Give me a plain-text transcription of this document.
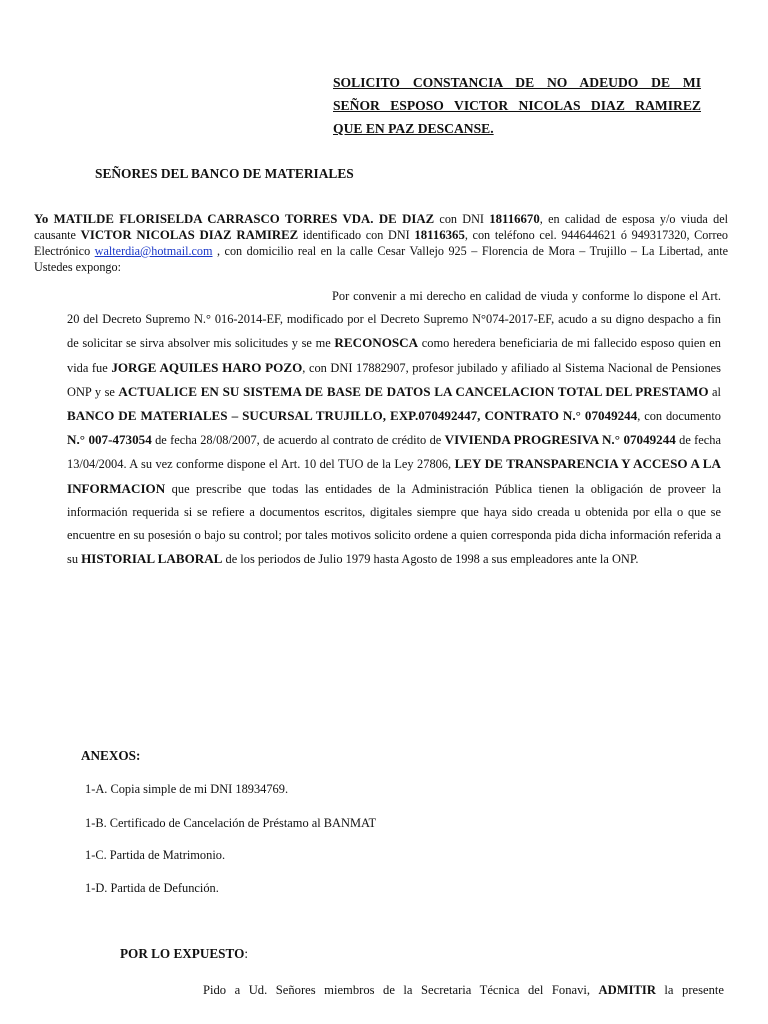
SOLICITO CONSTANCIA DE NO ADEUDO DE MI
SEÑOR ESPOSO VICTOR NICOLAS DIAZ RAMIREZ
QUE EN PAZ DESCANSE.
SEÑORES DEL BANCO DE MATERIALES
Yo MATILDE FLORISELDA CARRASCO TORRES VDA. DE DIAZ con DNI 18116670, en calidad de esposa y/o viuda del causante VICTOR NICOLAS DIAZ RAMIREZ identificado con DNI 18116365, con teléfono cel. 944644621 ó 949317320, Correo Electrónico walterdia@hotmail.com , con domicilio real en la calle Cesar Vallejo 925 – Florencia de Mora – Trujillo – La Libertad, ante Ustedes expongo:
Por convenir a mi derecho en calidad de viuda y conforme lo dispone el Art. 20 del Decreto Supremo N.° 016-2014-EF, modificado por el Decreto Supremo N°074-2017-EF, acudo a su digno despacho a fin de solicitar se sirva absolver mis solicitudes y se me RECONOSCA como heredera beneficiaria de mi fallecido esposo quien en vida fue JORGE AQUILES HARO POZO, con DNI 17882907, profesor jubilado y afiliado al Sistema Nacional de Pensiones ONP y se ACTUALICE EN SU SISTEMA DE BASE DE DATOS LA CANCELACION TOTAL DEL PRESTAMO al BANCO DE MATERIALES – SUCURSAL TRUJILLO, EXP.070492447, CONTRATO N.° 07049244, con documento N.° 007-473054 de fecha 28/08/2007, de acuerdo al contrato de crédito de VIVIENDA PROGRESIVA N.° 07049244 de fecha 13/04/2004. A su vez conforme dispone el Art. 10 del TUO de la Ley 27806, LEY DE TRANSPARENCIA Y ACCESO A LA INFORMACION que prescribe que todas las entidades de la Administración Pública tienen la obligación de proveer la información requerida si se refiere a documentos escritos, digitales siempre que haya sido creada u obtenida por ella o que se encuentre en su posesión o bajo su control; por tales motivos solicito ordene a quien corresponda pida dicha información referida a su HISTORIAL LABORAL de los periodos de Julio 1979 hasta Agosto de 1998 a sus empleadores ante la ONP.
ANEXOS:
1-A. Copia simple de mi DNI 18934769.
1-B. Certificado de Cancelación de Préstamo al BANMAT
1-C. Partida de Matrimonio.
1-D. Partida de Defunción.
POR LO EXPUESTO:
Pido a Ud. Señores miembros de la Secretaria Técnica del Fonavi, ADMITIR la presente
